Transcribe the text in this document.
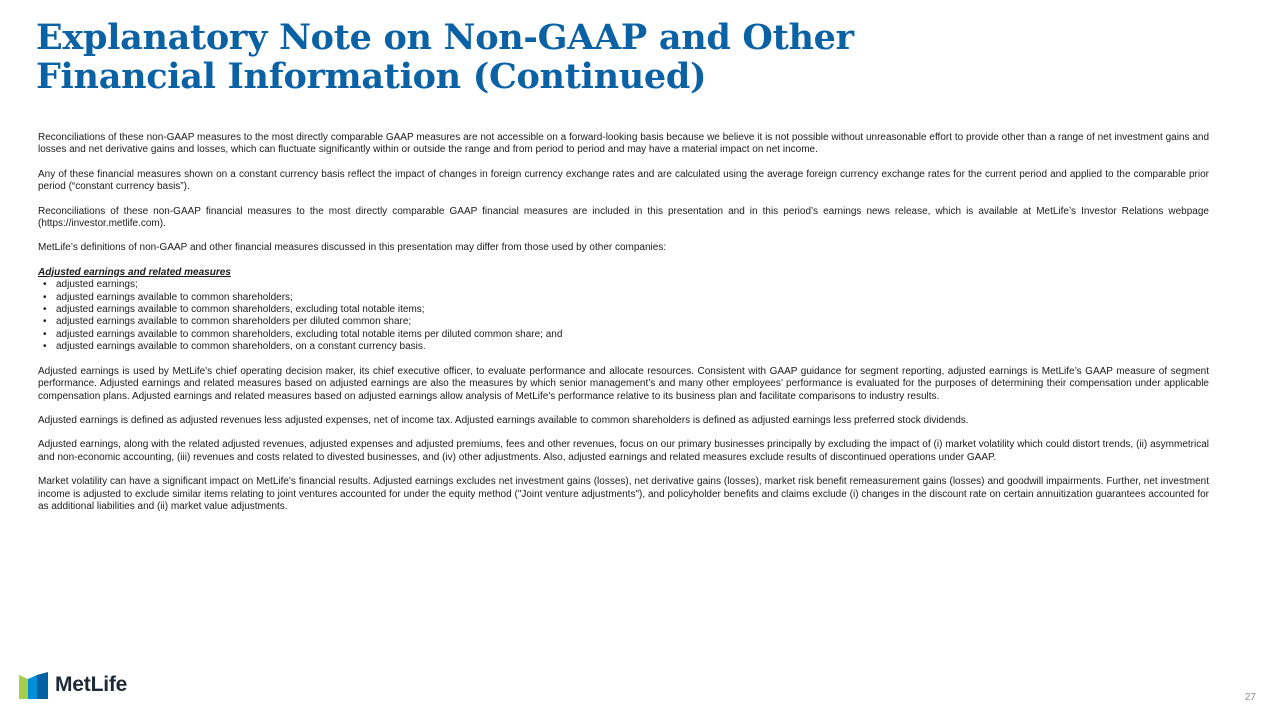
Explanatory Note on Non-GAAP and Other
Financial Information (Continued)

Reconciliations of these non-GAAP measures to the most directly comparable GAAP measures are not accessible on a forward-looking basis because we believe it is not possible without unreasonable effort to provide other than a range of net investment gains and losses and net derivative gains and losses, which can fluctuate significantly within or outside the range and from period to period and may have a material impact on net income.

Any of these financial measures shown on a constant currency basis reflect the impact of changes in foreign currency exchange rates and are calculated using the average foreign currency exchange rates for the current period and applied to the comparable prior period (“constant currency basis”).

Reconciliations of these non-GAAP financial measures to the most directly comparable GAAP financial measures are included in this presentation and in this period’s earnings news release, which is available at MetLife’s Investor Relations webpage (https://investor.metlife.com).

MetLife’s definitions of non-GAAP and other financial measures discussed in this presentation may differ from those used by other companies:

Adjusted earnings and related measures
• adjusted earnings;
• adjusted earnings available to common shareholders;
• adjusted earnings available to common shareholders, excluding total notable items;
• adjusted earnings available to common shareholders per diluted common share;
• adjusted earnings available to common shareholders, excluding total notable items per diluted common share; and
• adjusted earnings available to common shareholders, on a constant currency basis.

Adjusted earnings is used by MetLife's chief operating decision maker, its chief executive officer, to evaluate performance and allocate resources. Consistent with GAAP guidance for segment reporting, adjusted earnings is MetLife’s GAAP measure of segment performance. Adjusted earnings and related measures based on adjusted earnings are also the measures by which senior management’s and many other employees’ performance is evaluated for the purposes of determining their compensation under applicable compensation plans. Adjusted earnings and related measures based on adjusted earnings allow analysis of MetLife's performance relative to its business plan and facilitate comparisons to industry results.

Adjusted earnings is defined as adjusted revenues less adjusted expenses, net of income tax. Adjusted earnings available to common shareholders is defined as adjusted earnings less preferred stock dividends.

Adjusted earnings, along with the related adjusted revenues, adjusted expenses and adjusted premiums, fees and other revenues, focus on our primary businesses principally by excluding the impact of (i) market volatility which could distort trends, (ii) asymmetrical and non-economic accounting, (iii) revenues and costs related to divested businesses, and (iv) other adjustments. Also, adjusted earnings and related measures exclude results of discontinued operations under GAAP.

Market volatility can have a significant impact on MetLife's financial results. Adjusted earnings excludes net investment gains (losses), net derivative gains (losses), market risk benefit remeasurement gains (losses) and goodwill impairments. Further, net investment income is adjusted to exclude similar items relating to joint ventures accounted for under the equity method ("Joint venture adjustments"), and policyholder benefits and claims exclude (i) changes in the discount rate on certain annuitization guarantees accounted for as additional liabilities and (ii) market value adjustments.

MetLife
27
